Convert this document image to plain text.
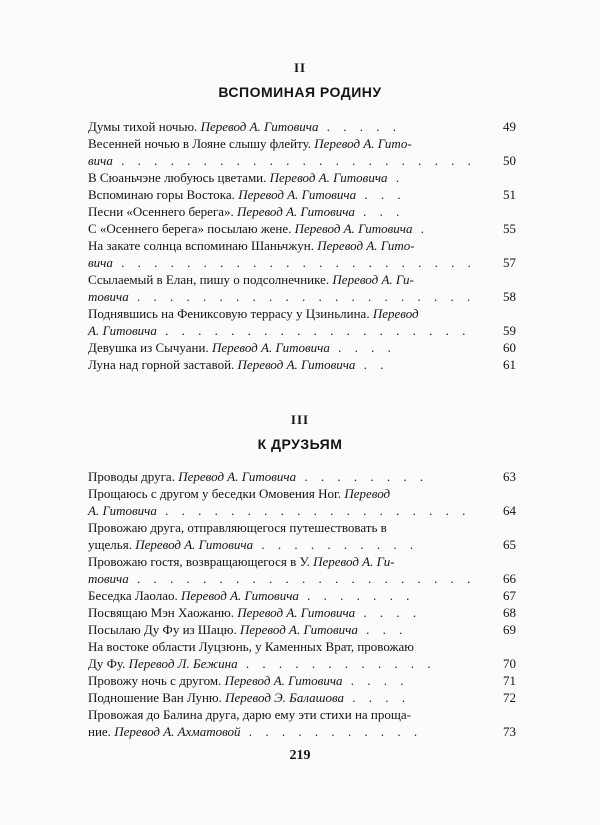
II
ВСПОМИНАЯ РОДИНУ
Думы тихой ночью. Перевод А. Гитовича . . . . .	49
Весенней ночью в Лояне слышу флейту. Перевод А. Гито-
вича . . . . . . . . . . . . . . . . . . . . . .	50
В Сюаньчэне любуюсь цветами. Перевод А. Гитовича .
Вспоминаю горы Востока. Перевод А. Гитовича . . .	51
Песни «Осеннего берега». Перевод А. Гитовича . . .
С «Осеннего берега» посылаю жене. Перевод А. Гитовича .	55
На закате солнца вспоминаю Шаньчжун. Перевод А. Гито-
вича . . . . . . . . . . . . . . . . . . . . . .	57
Ссылаемый в Елан, пишу о подсолнечнике. Перевод А. Ги-
товича . . . . . . . . . . . . . . . . . . . . .	58
Поднявшись на Фениксовую террасу у Цзиньлина. Перевод
А. Гитовича . . . . . . . . . . . . . . . . . . .	59
Девушка из Сычуани. Перевод А. Гитовича . . . .	60
Луна над горной заставой. Перевод А. Гитовича . .	61
III
К ДРУЗЬЯМ
Проводы друга. Перевод А. Гитовича . . . . . . . .	63
Прощаюсь с другом у беседки Омовения Ног. Перевод
А. Гитовича . . . . . . . . . . . . . . . . . . .	64
Провожаю друга, отправляющегося путешествовать в
ущелья. Перевод А. Гитовича . . . . . . . . . .	65
Провожаю гостя, возвращающегося в У. Перевод А. Ги-
товича . . . . . . . . . . . . . . . . . . . . .	66
Беседка Лаолао. Перевод А. Гитовича . . . . . . .	67
Посвящаю Мэн Хаожаню. Перевод А. Гитовича . . . .	68
Посылаю Ду Фу из Шацю. Перевод А. Гитовича . . .	69
На востоке области Луцзюнь, у Каменных Врат, провожаю
Ду Фу. Перевод Л. Бежина . . . . . . . . . . . .	70
Провожу ночь с другом. Перевод А. Гитовича . . . .	71
Подношение Ван Луню. Перевод Э. Балашова . . . .	72
Провожая до Балина друга, дарю ему эти стихи на проща-
ние. Перевод А. Ахматовой . . . . . . . . . . .	73
219
